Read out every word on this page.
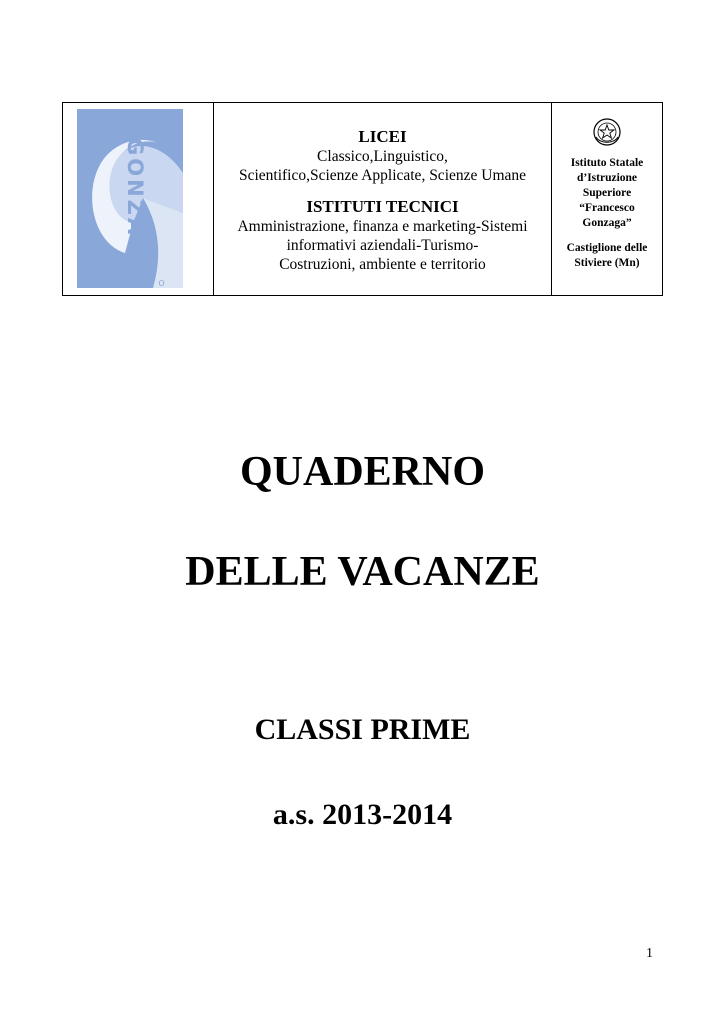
GONZAGA
ISTITUTO
LICEI
Classico,Linguistico,
Scientifico,Scienze Applicate, Scienze Umane
ISTITUTI TECNICI
Amministrazione, finanza e marketing-Sistemi
informativi aziendali-Turismo-
Costruzioni, ambiente e territorio
Istituto Statale
d’Istruzione
Superiore
“Francesco
Gonzaga”
Castiglione delle
Stiviere (Mn)
QUADERNO
DELLE VACANZE
CLASSI PRIME
a.s. 2013-2014
1
